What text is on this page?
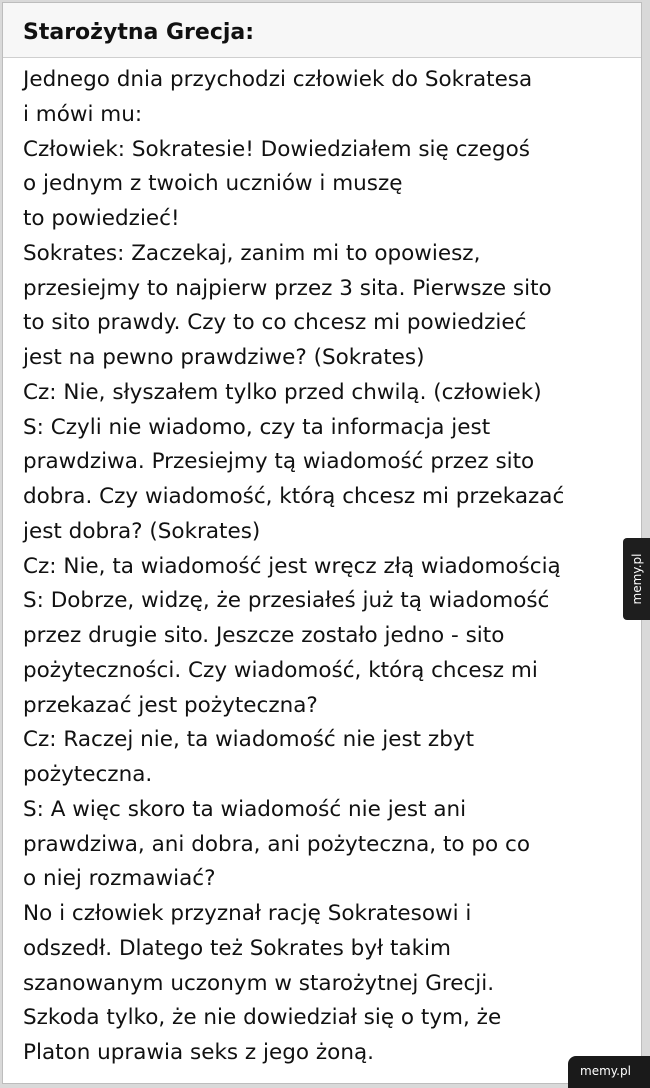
Starożytna Grecja:
Jednego dnia przychodzi człowiek do Sokratesa
i mówi mu:
Człowiek: Sokratesie! Dowiedziałem się czegoś
o jednym z twoich uczniów i muszę
to powiedzieć!
Sokrates: Zaczekaj, zanim mi to opowiesz,
przesiejmy to najpierw przez 3 sita. Pierwsze sito
to sito prawdy. Czy to co chcesz mi powiedzieć
jest na pewno prawdziwe? (Sokrates)
Cz: Nie, słyszałem tylko przed chwilą. (człowiek)
S: Czyli nie wiadomo, czy ta informacja jest
prawdziwa. Przesiejmy tą wiadomość przez sito
dobra. Czy wiadomość, którą chcesz mi przekazać
jest dobra? (Sokrates)
Cz: Nie, ta wiadomość jest wręcz złą wiadomością
S: Dobrze, widzę, że przesiałeś już tą wiadomość
przez drugie sito. Jeszcze zostało jedno - sito
pożyteczności. Czy wiadomość, którą chcesz mi
przekazać jest pożyteczna?
Cz: Raczej nie, ta wiadomość nie jest zbyt
pożyteczna.
S: A więc skoro ta wiadomość nie jest ani
prawdziwa, ani dobra, ani pożyteczna, to po co
o niej rozmawiać?
No i człowiek przyznał rację Sokratesowi i
odszedł. Dlatego też Sokrates był takim
szanowanym uczonym w starożytnej Grecji.
Szkoda tylko, że nie dowiedział się o tym, że
Platon uprawia seks z jego żoną.
memy.pl
memy.pl
